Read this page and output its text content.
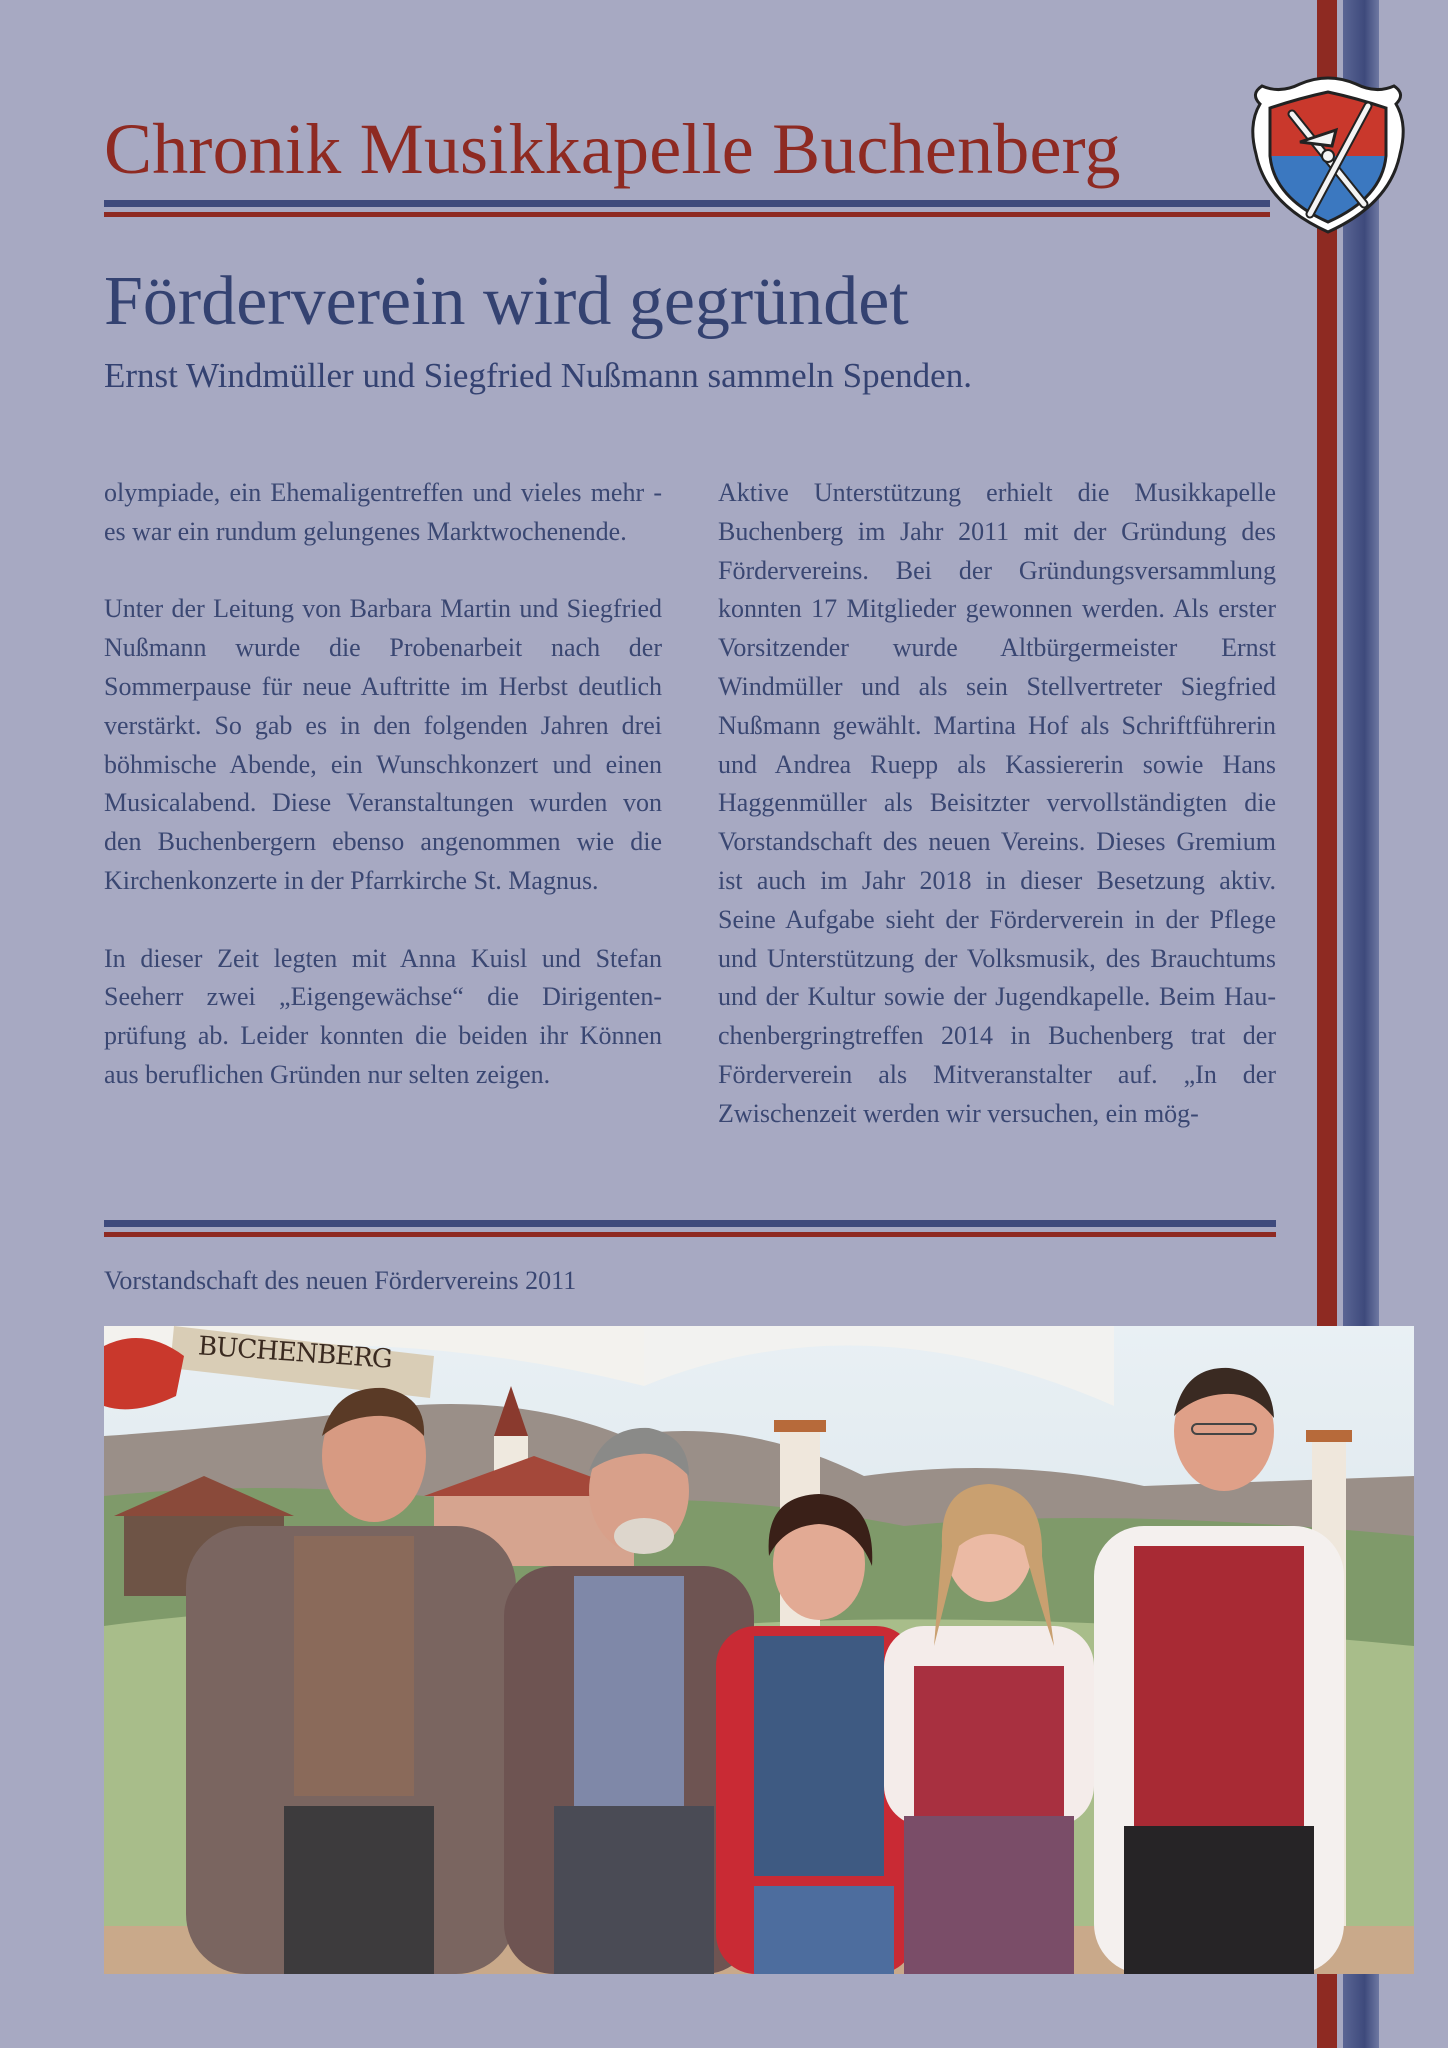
Chronik Musikkapelle Buchenberg
Förderverein wird gegründet
Ernst Windmüller und Siegfried Nußmann sammeln Spenden.

olympiade, ein Ehemaligentreffen und vieles mehr - es war ein rundum gelungenes Marktwochenende.

Unter der Leitung von Barbara Martin und Siegfried Nußmann wurde die Probenarbeit nach der Sommerpause für neue Auftritte im Herbst deutlich verstärkt. So gab es in den folgenden Jahren drei böhmische Abende, ein Wunschkonzert und einen Musicalabend. Diese Veranstaltungen wurden von den Buchenbergern ebenso angenommen wie die Kirchenkonzerte in der Pfarrkirche St. Magnus.

In dieser Zeit legten mit Anna Kuisl und Stefan Seeherr zwei „Eigengewächse“ die Dirigentenprüfung ab. Leider konnten die beiden ihr Können aus beruflichen Gründen nur selten zeigen.

Aktive Unterstützung erhielt die Musikkapelle Buchenberg im Jahr 2011 mit der Gründung des Fördervereins. Bei der Gründungsversammlung konnten 17 Mitglieder gewonnen werden. Als erster Vorsitzender wurde Altbürgermeister Ernst Windmüller und als sein Stellvertreter Siegfried Nußmann gewählt. Martina Hof als Schriftführerin und Andrea Ruepp als Kassiererin sowie Hans Haggenmüller als Beisitzter vervollständigten die Vorstandschaft des neuen Vereins. Dieses Gremium ist auch im Jahr 2018 in dieser Besetzung aktiv. Seine Aufgabe sieht der Förderverein in der Pflege und Unterstützung der Volksmusik, des Brauchtums und der Kultur sowie der Jugendkapelle. Beim Hauchenbergringtreffen 2014 in Buchenberg trat der Förderverein als Mitveranstalter auf. „In der Zwischenzeit werden wir versuchen, ein mög-

Vorstandschaft des neuen Fördervereins 2011
BUCHENBERG
